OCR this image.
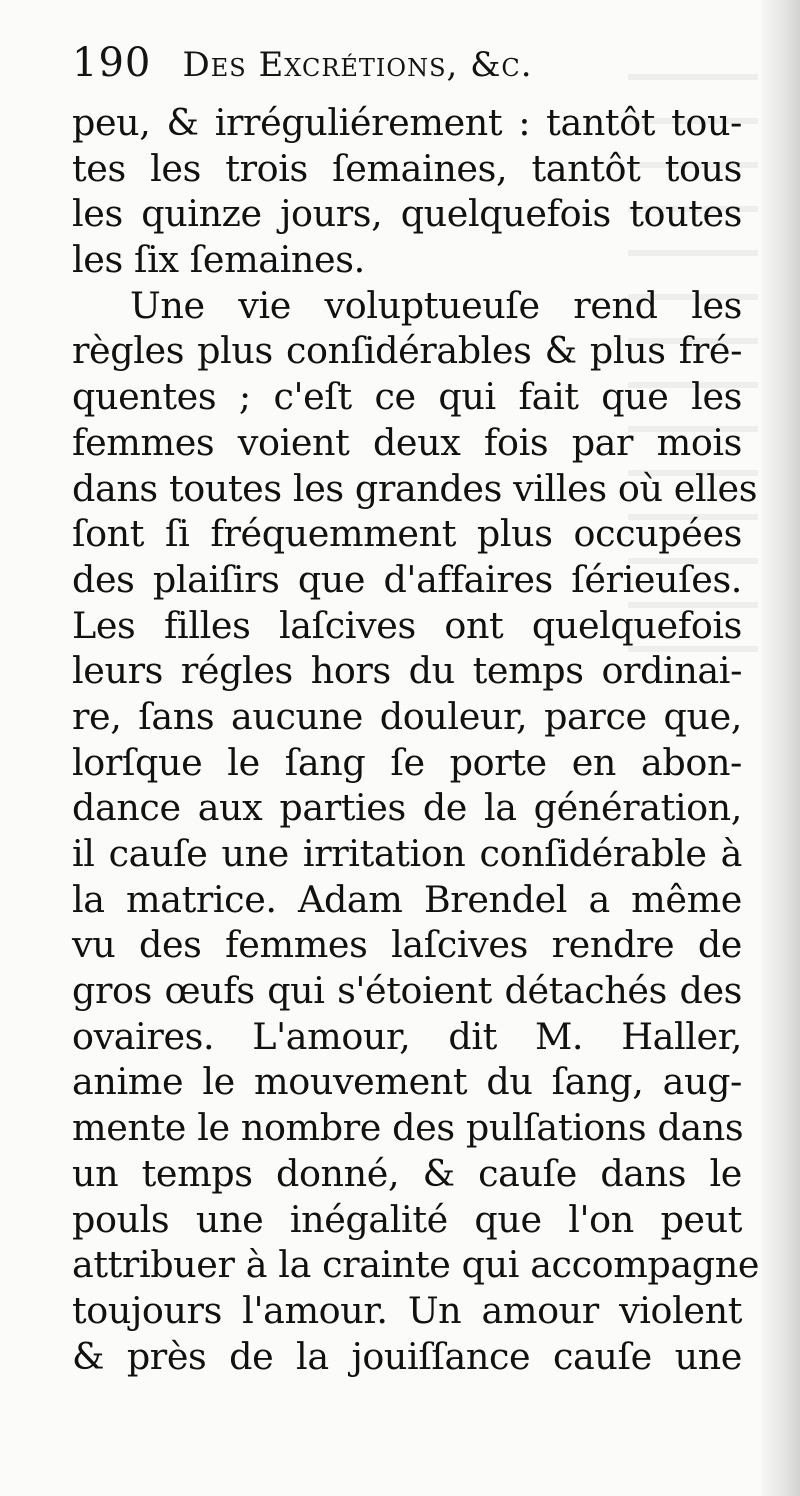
190 Des Excrétions, &c.
peu, & irréguliérement : tantôt tou-
tes les trois ſemaines, tantôt tous
les quinze jours, quelquefois toutes
les ſix ſemaines.
Une vie voluptueuſe rend les
règles plus conſidérables & plus fré-
quentes ; c'eſt ce qui fait que les
femmes voient deux fois par mois
dans toutes les grandes villes où elles
ſont ſi fréquemment plus occupées
des plaiſirs que d'affaires ſérieuſes.
Les filles laſcives ont quelquefois
leurs régles hors du temps ordinai-
re, ſans aucune douleur, parce que,
lorſque le ſang ſe porte en abon-
dance aux parties de la génération,
il cauſe une irritation conſidérable à
la matrice. Adam Brendel a même
vu des femmes laſcives rendre de
gros œufs qui s'étoient détachés des
ovaires. L'amour, dit M. Haller,
anime le mouvement du ſang, aug-
mente le nombre des pulſations dans
un temps donné, & cauſe dans le
pouls une inégalité que l'on peut
attribuer à la crainte qui accompagne
toujours l'amour. Un amour violent
& près de la jouiſſance cauſe une
